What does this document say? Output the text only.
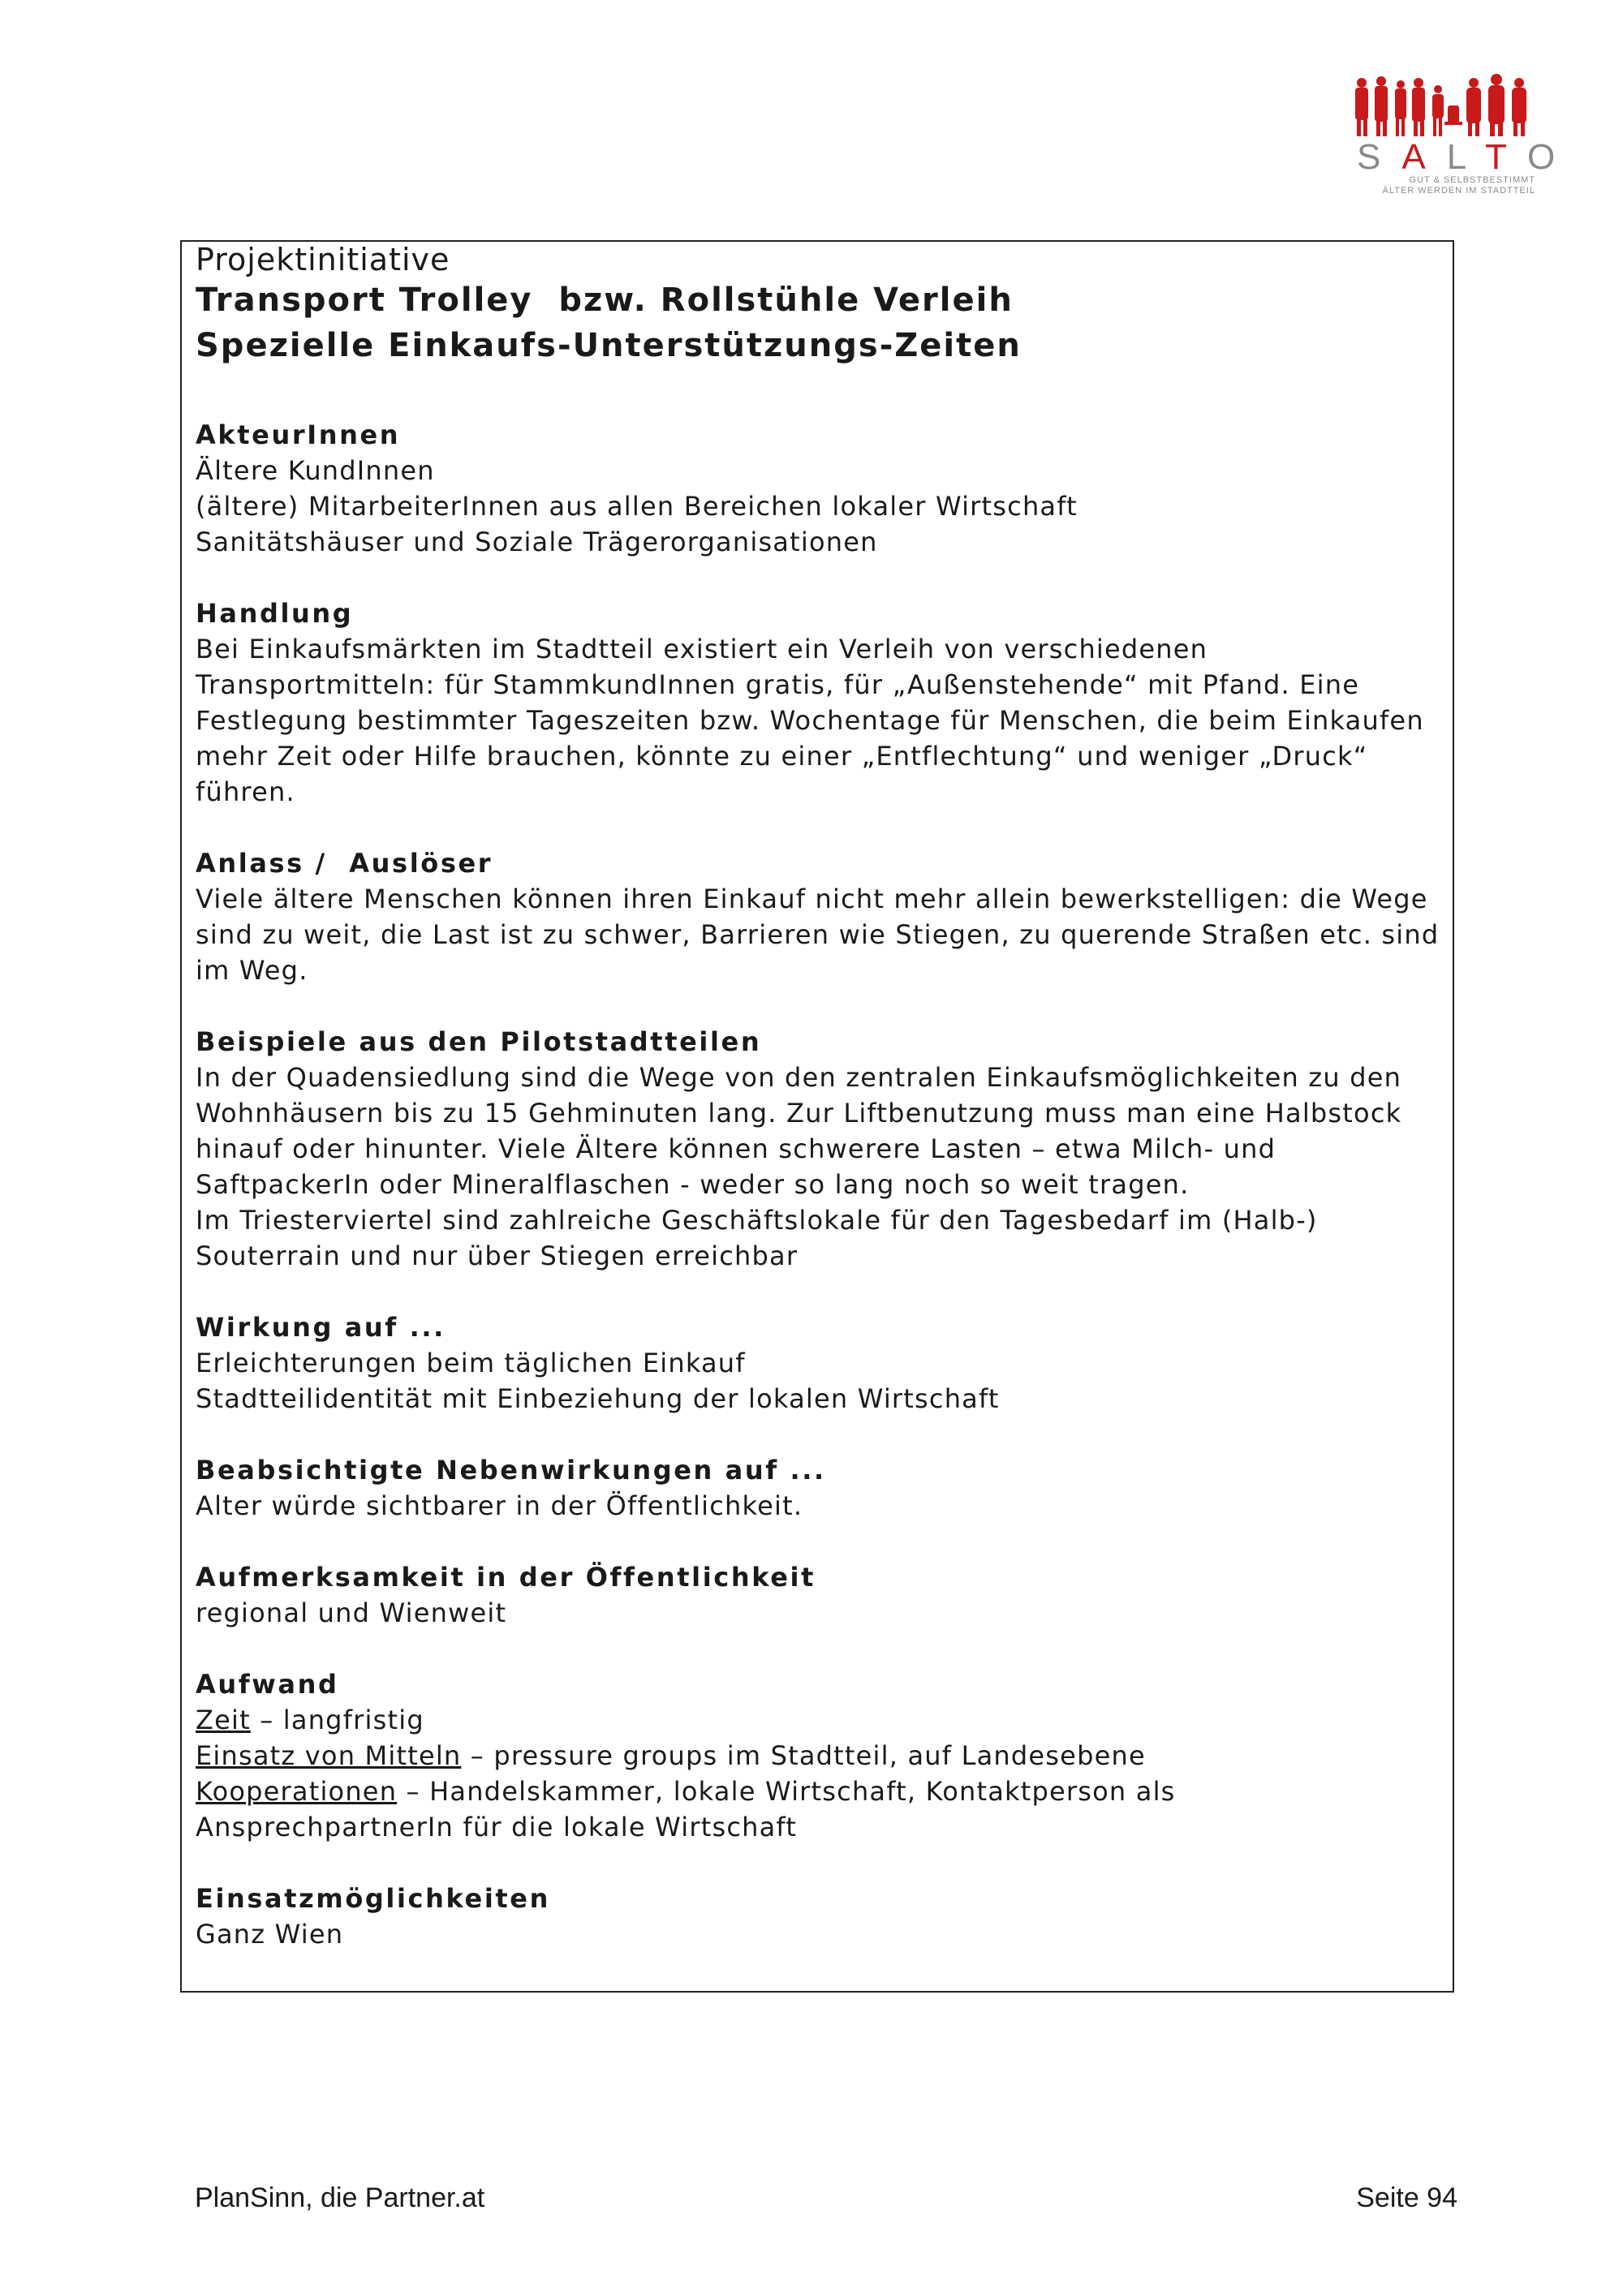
SALTO
GUT & SELBSTBESTIMMT
ÄLTER WERDEN IM STADTTEIL
Projektinitiative
Transport Trolley  bzw. Rollstühle Verleih
Spezielle Einkaufs-Unterstützungs-Zeiten
AkteurInnen
Ältere KundInnen
(ältere) MitarbeiterInnen aus allen Bereichen lokaler Wirtschaft
Sanitätshäuser und Soziale Trägerorganisationen
Handlung
Bei Einkaufsmärkten im Stadtteil existiert ein Verleih von verschiedenen
Transportmitteln: für StammkundInnen gratis, für „Außenstehende“ mit Pfand. Eine
Festlegung bestimmter Tageszeiten bzw. Wochentage für Menschen, die beim Einkaufen
mehr Zeit oder Hilfe brauchen, könnte zu einer „Entflechtung“ und weniger „Druck“
führen.
Anlass /  Auslöser
Viele ältere Menschen können ihren Einkauf nicht mehr allein bewerkstelligen: die Wege
sind zu weit, die Last ist zu schwer, Barrieren wie Stiegen, zu querende Straßen etc. sind
im Weg.
Beispiele aus den Pilotstadtteilen
In der Quadensiedlung sind die Wege von den zentralen Einkaufsmöglichkeiten zu den
Wohnhäusern bis zu 15 Gehminuten lang. Zur Liftbenutzung muss man eine Halbstock
hinauf oder hinunter. Viele Ältere können schwerere Lasten – etwa Milch- und
SaftpackerIn oder Mineralflaschen - weder so lang noch so weit tragen.
Im Triesterviertel sind zahlreiche Geschäftslokale für den Tagesbedarf im (Halb-)
Souterrain und nur über Stiegen erreichbar
Wirkung auf ...
Erleichterungen beim täglichen Einkauf
Stadtteilidentität mit Einbeziehung der lokalen Wirtschaft
Beabsichtigte Nebenwirkungen auf ...
Alter würde sichtbarer in der Öffentlichkeit.
Aufmerksamkeit in der Öffentlichkeit
regional und Wienweit
Aufwand
Zeit – langfristig
Einsatz von Mitteln – pressure groups im Stadtteil, auf Landesebene
Kooperationen – Handelskammer, lokale Wirtschaft, Kontaktperson als
AnsprechpartnerIn für die lokale Wirtschaft
Einsatzmöglichkeiten
Ganz Wien
PlanSinn, die Partner.at	Seite 94
